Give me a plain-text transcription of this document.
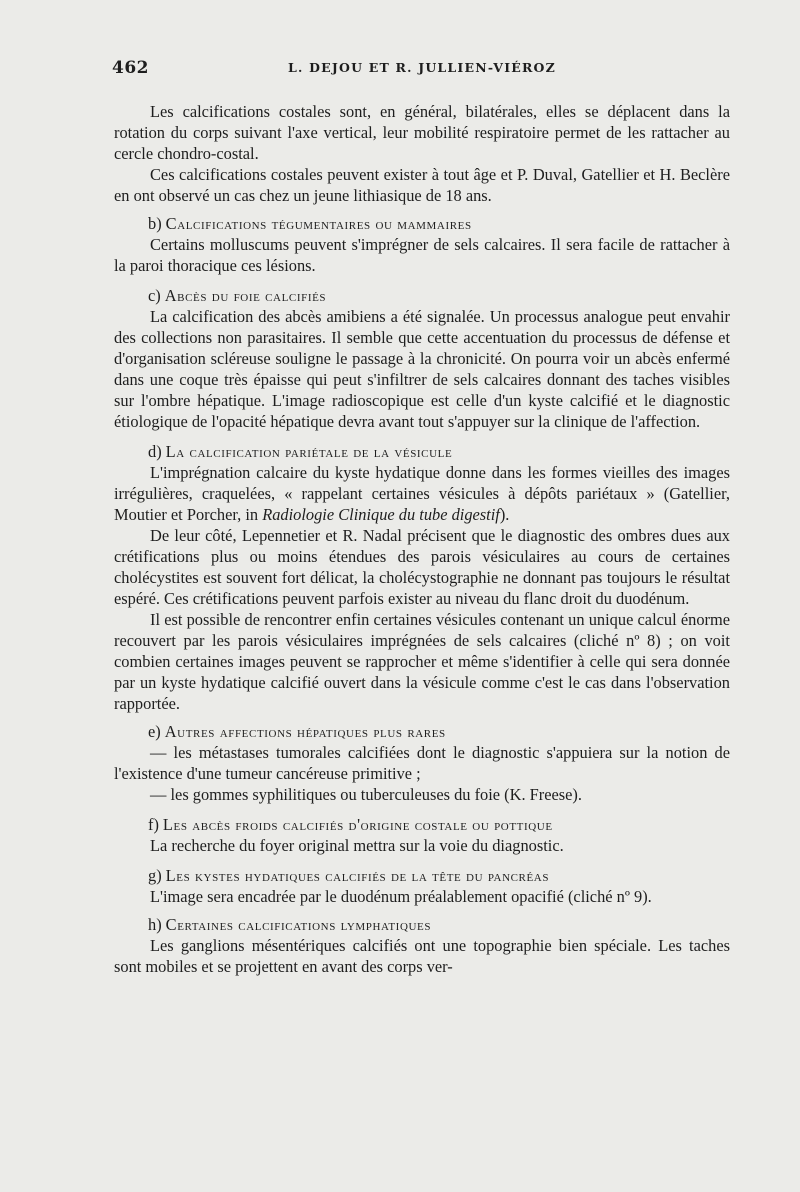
462	L. DEJOU ET R. JULLIEN-VIÉROZ

Les calcifications costales sont, en général, bilatérales, elles se déplacent dans la rotation du corps suivant l'axe vertical, leur mobilité respiratoire permet de les rattacher au cercle chondro-costal.

Ces calcifications costales peuvent exister à tout âge et P. Duval, Gatellier et H. Beclère en ont observé un cas chez un jeune lithiasique de 18 ans.

b) Calcifications tégumentaires ou mammaires

Certains molluscums peuvent s'imprégner de sels calcaires. Il sera facile de rattacher à la paroi thoracique ces lésions.

c) Abcès du foie calcifiés

La calcification des abcès amibiens a été signalée. Un processus analogue peut envahir des collections non parasitaires. Il semble que cette accentuation du processus de défense et d'organisation scléreuse souligne le passage à la chronicité. On pourra voir un abcès enfermé dans une coque très épaisse qui peut s'infiltrer de sels calcaires donnant des taches visibles sur l'ombre hépatique. L'image radioscopique est celle d'un kyste calcifié et le diagnostic étiologique de l'opacité hépatique devra avant tout s'appuyer sur la clinique de l'affection.

d) La calcification pariétale de la vésicule

L'imprégnation calcaire du kyste hydatique donne dans les formes vieilles des images irrégulières, craquelées, « rappelant certaines vésicules à dépôts pariétaux » (Gatellier, Moutier et Porcher, in Radiologie Clinique du tube digestif).

De leur côté, Lepennetier et R. Nadal précisent que le diagnostic des ombres dues aux crétifications plus ou moins étendues des parois vésiculaires au cours de certaines cholécystites est souvent fort délicat, la cholécystographie ne donnant pas toujours le résultat espéré. Ces crétifications peuvent parfois exister au niveau du flanc droit du duodénum.

Il est possible de rencontrer enfin certaines vésicules contenant un unique calcul énorme recouvert par les parois vésiculaires imprégnées de sels calcaires (cliché nº 8) ; on voit combien certaines images peuvent se rapprocher et même s'identifier à celle qui sera donnée par un kyste hydatique calcifié ouvert dans la vésicule comme c'est le cas dans l'observation rapportée.

e) Autres affections hépatiques plus rares

— les métastases tumorales calcifiées dont le diagnostic s'appuiera sur la notion de l'existence d'une tumeur cancéreuse primitive ;

— les gommes syphilitiques ou tuberculeuses du foie (K. Freese).

f) Les abcès froids calcifiés d'origine costale ou pottique

La recherche du foyer original mettra sur la voie du diagnostic.

g) Les kystes hydatiques calcifiés de la tête du pancréas

L'image sera encadrée par le duodénum préalablement opacifié (cliché nº 9).

h) Certaines calcifications lymphatiques

Les ganglions mésentériques calcifiés ont une topographie bien spéciale. Les taches sont mobiles et se projettent en avant des corps ver-
